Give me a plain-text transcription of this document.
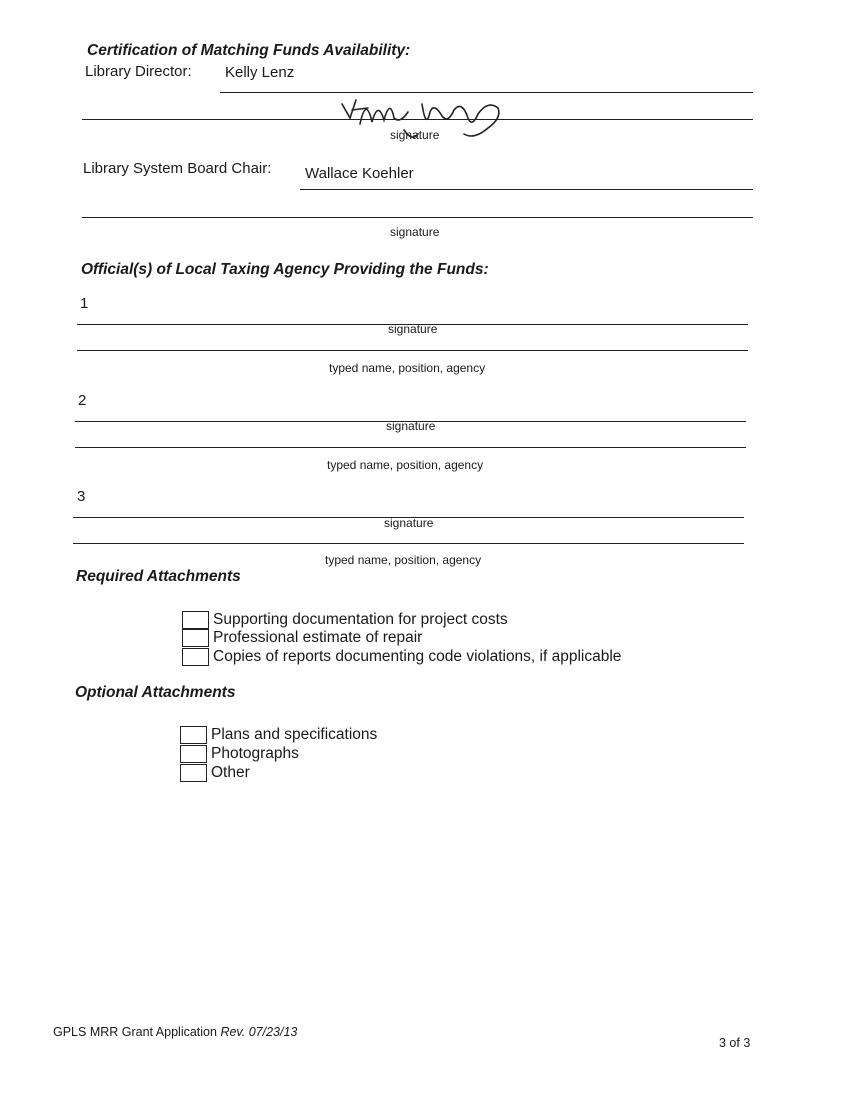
Certification of Matching Funds Availability:
Library Director: Kelly Lenz
signature
Library System Board Chair: Wallace Koehler
signature
Official(s) of Local Taxing Agency Providing the Funds:
1
signature
typed name, position, agency
2
signature
typed name, position, agency
3
signature
typed name, position, agency
Required Attachments
Supporting documentation for project costs
Professional estimate of repair
Copies of reports documenting code violations, if applicable
Optional Attachments
Plans and specifications
Photographs
Other
GPLS MRR Grant Application Rev. 07/23/13
3 of 3
